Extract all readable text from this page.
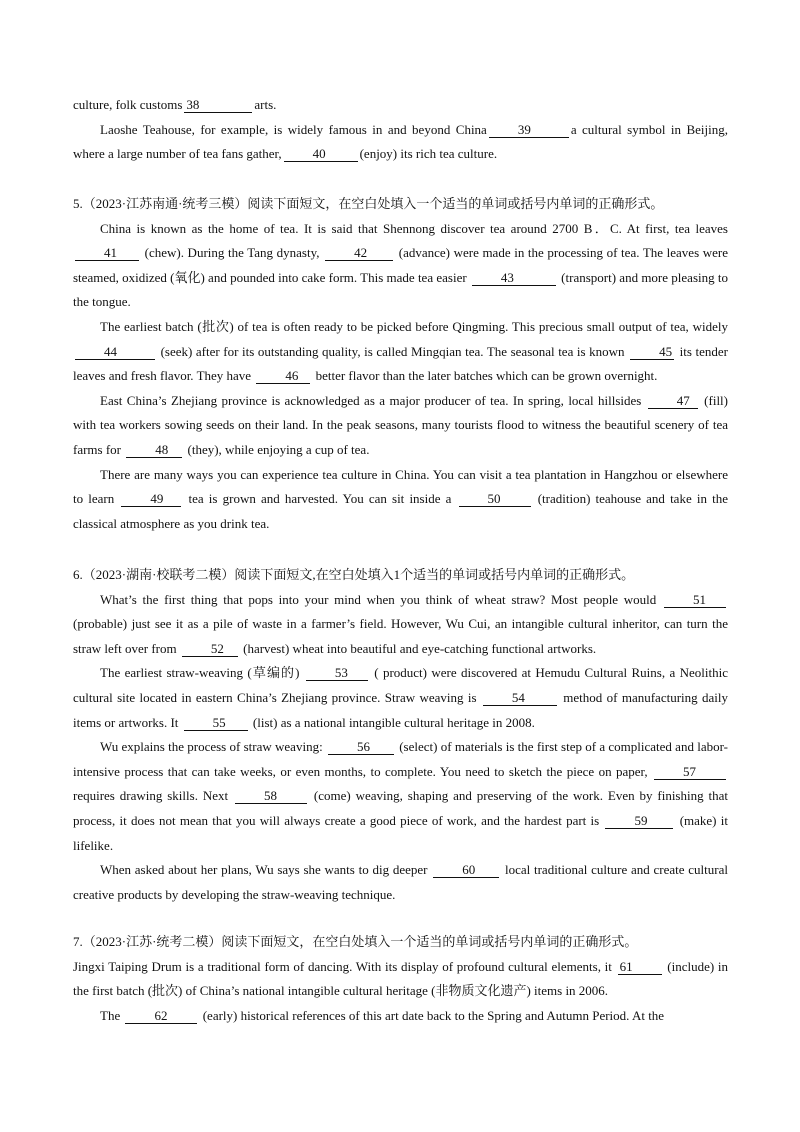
culture, folk customs 38	arts.

Laoshe Teahouse, for example, is widely famous in and beyond China 39	a cultural symbol in Beijing, where a large number of tea fans gather, 40	(enjoy) its rich tea culture.

5.（2023·江苏南通·统考三模）阅读下面短文，在空白处填入一个适当的单词或括号内单词的正确形式。

China is known as the home of tea. It is said that Shennong discover tea around 2700 B．C. At first, tea leaves 41 (chew). During the Tang dynasty, 42 (advance) were made in the processing of tea. The leaves were steamed, oxidized (氧化) and pounded into cake form. This made tea easier 43	(transport) and more pleasing to the tongue.

The earliest batch (批次) of tea is often ready to be picked before Qingming. This precious small output of tea, widely 44	(seek) after for its outstanding quality, is called Mingqian tea. The seasonal tea is known 45 its tender leaves and fresh flavor. They have 46 better flavor than the later batches which can be grown overnight.

East China’s Zhejiang province is acknowledged as a major producer of tea. In spring, local hillsides 47 (fill) with tea workers sowing seeds on their land. In the peak seasons, many tourists flood to witness the beautiful scenery of tea farms for 48 (they), while enjoying a cup of tea.

There are many ways you can experience tea culture in China. You can visit a tea plantation in Hangzhou or elsewhere to learn 49 tea is grown and harvested. You can sit inside a 50 (tradition) teahouse and take in the classical atmosphere as you drink tea.

6.（2023·湖南·校联考二模）阅读下面短文,在空白处填入1个适当的单词或括号内单词的正确形式。

What’s the first thing that pops into your mind when you think of wheat straw? Most people would 51 (probable) just see it as a pile of waste in a farmer’s field. However, Wu Cui, an intangible cultural inheritor, can turn the straw left over from 52 (harvest) wheat into beautiful and eye-catching functional artworks.

The earliest straw-weaving (草编的) 53 ( product) were discovered at Hemudu Cultural Ruins, a Neolithic cultural site located in eastern China’s Zhejiang province. Straw weaving is 54	method of manufacturing daily items or artworks. It 55 (list) as a national intangible cultural heritage in 2008.

Wu explains the process of straw weaving: 56 (select) of materials is the first step of a complicated and labor-intensive process that can take weeks, or even months, to complete. You need to sketch the piece on paper, 57 requires drawing skills. Next 58 (come) weaving, shaping and preserving of the work. Even by finishing that process, it does not mean that you will always create a good piece of work, and the hardest part is 59 (make) it lifelike.

When asked about her plans, Wu says she wants to dig deeper 60 local traditional culture and create cultural creative products by developing the straw-weaving technique.

7.（2023·江苏·统考二模）阅读下面短文，在空白处填入一个适当的单词或括号内单词的正确形式。

Jingxi Taiping Drum is a traditional form of dancing. With its display of profound cultural elements, it 61 (include) in the first batch (批次) of China’s national intangible cultural heritage (非物质文化遗产) items in 2006.

The 62 (early) historical references of this art date back to the Spring and Autumn Period. At the
